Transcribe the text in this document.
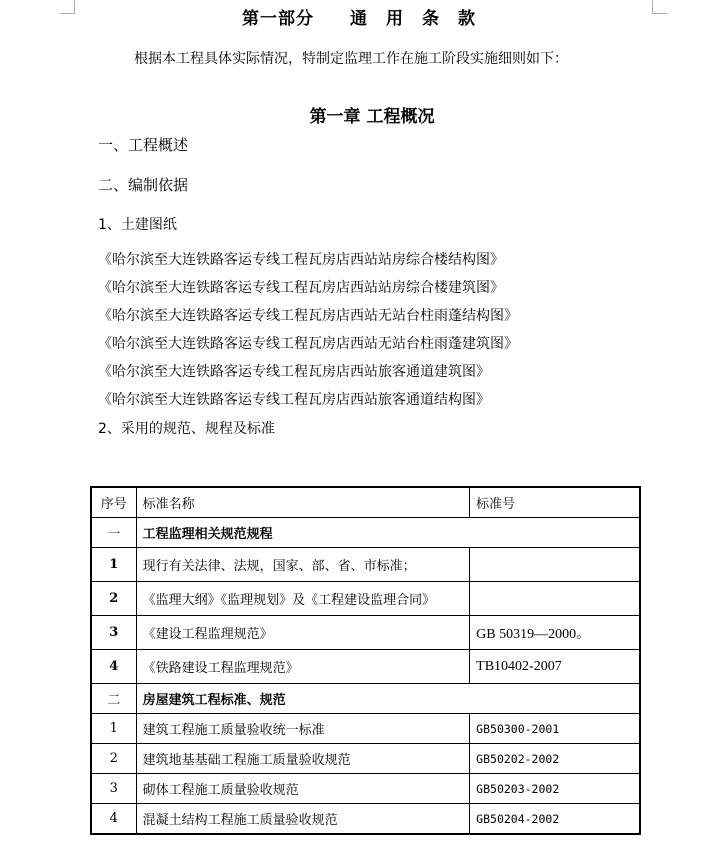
第一部分　　通　用　条　款
根据本工程具体实际情况，特制定监理工作在施工阶段实施细则如下：
第一章 工程概况
一、工程概述
二、编制依据
1、土建图纸
《哈尔滨至大连铁路客运专线工程瓦房店西站站房综合楼结构图》
《哈尔滨至大连铁路客运专线工程瓦房店西站站房综合楼建筑图》
《哈尔滨至大连铁路客运专线工程瓦房店西站无站台柱雨蓬结构图》
《哈尔滨至大连铁路客运专线工程瓦房店西站无站台柱雨蓬建筑图》
《哈尔滨至大连铁路客运专线工程瓦房店西站旅客通道建筑图》
《哈尔滨至大连铁路客运专线工程瓦房店西站旅客通道结构图》
2、采用的规范、规程及标准
序号	标准名称	标准号
一	工程监理相关规范规程	
1	现行有关法律、法规，国家、部、省、市标准；	
2	《监理大纲》《监理规划》及《工程建设监理合同》	
3	《建设工程监理规范》	GB 50319—2000。
4	《铁路建设工程监理规范》	TB10402-2007
二	房屋建筑工程标准、规范	
1	建筑工程施工质量验收统一标准	GB50300-2001
2	建筑地基基础工程施工质量验收规范	GB50202-2002
3	砌体工程施工质量验收规范	GB50203-2002
4	混凝土结构工程施工质量验收规范	GB50204-2002
